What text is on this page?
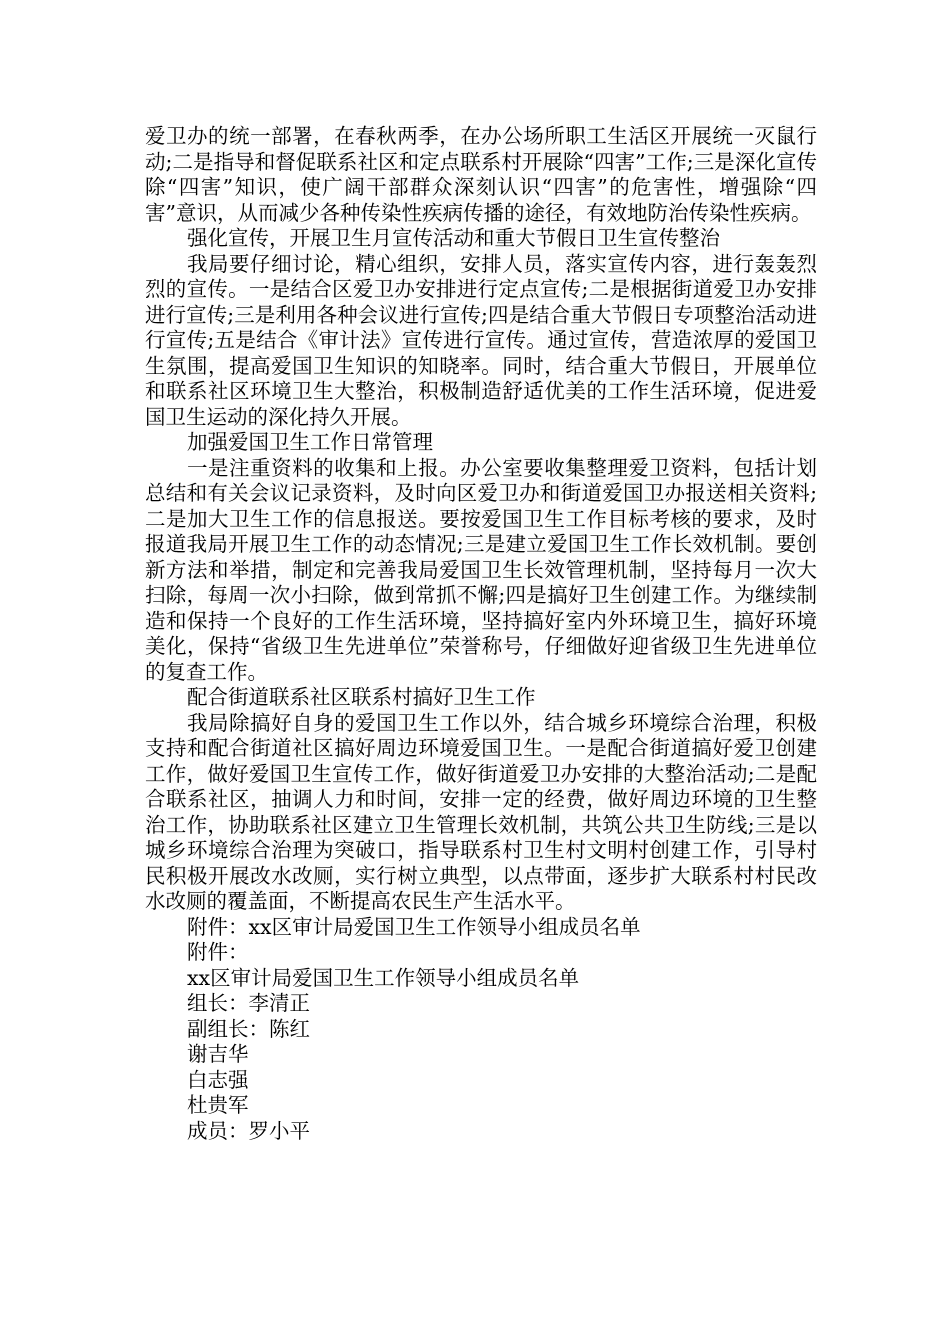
爱卫办的统一部署，在春秋两季，在办公场所职工生活区开展统一灭鼠行动;二是指导和督促联系社区和定点联系村开展除“四害”工作;三是深化宣传除“四害”知识，使广阔干部群众深刻认识“四害”的危害性，增强除“四害”意识，从而减少各种传染性疾病传播的途径，有效地防治传染性疾病。

强化宣传，开展卫生月宣传活动和重大节假日卫生宣传整治

我局要仔细讨论，精心组织，安排人员，落实宣传内容，进行轰轰烈烈的宣传。一是结合区爱卫办安排进行定点宣传;二是根据街道爱卫办安排进行宣传;三是利用各种会议进行宣传;四是结合重大节假日专项整治活动进行宣传;五是结合《审计法》宣传进行宣传。通过宣传，营造浓厚的爱国卫生氛围，提高爱国卫生知识的知晓率。同时，结合重大节假日，开展单位和联系社区环境卫生大整治，积极制造舒适优美的工作生活环境，促进爱国卫生运动的深化持久开展。

加强爱国卫生工作日常管理

一是注重资料的收集和上报。办公室要收集整理爱卫资料，包括计划总结和有关会议记录资料，及时向区爱卫办和街道爱国卫办报送相关资料;二是加大卫生工作的信息报送。要按爱国卫生工作目标考核的要求，及时报道我局开展卫生工作的动态情况;三是建立爱国卫生工作长效机制。要创新方法和举措，制定和完善我局爱国卫生长效管理机制，坚持每月一次大扫除，每周一次小扫除，做到常抓不懈;四是搞好卫生创建工作。为继续制造和保持一个良好的工作生活环境，坚持搞好室内外环境卫生，搞好环境美化，保持“省级卫生先进单位”荣誉称号，仔细做好迎省级卫生先进单位的复查工作。

配合街道联系社区联系村搞好卫生工作

我局除搞好自身的爱国卫生工作以外，结合城乡环境综合治理，积极支持和配合街道社区搞好周边环境爱国卫生。一是配合街道搞好爱卫创建工作，做好爱国卫生宣传工作，做好街道爱卫办安排的大整治活动;二是配合联系社区，抽调人力和时间，安排一定的经费，做好周边环境的卫生整治工作，协助联系社区建立卫生管理长效机制，共筑公共卫生防线;三是以城乡环境综合治理为突破口，指导联系村卫生村文明村创建工作，引导村民积极开展改水改厕，实行树立典型，以点带面，逐步扩大联系村村民改水改厕的覆盖面，不断提高农民生产生活水平。

附件：xx区审计局爱国卫生工作领导小组成员名单

附件：

xx区审计局爱国卫生工作领导小组成员名单

组长：李清正

副组长：陈红

谢吉华

白志强

杜贵军

成员：罗小平
